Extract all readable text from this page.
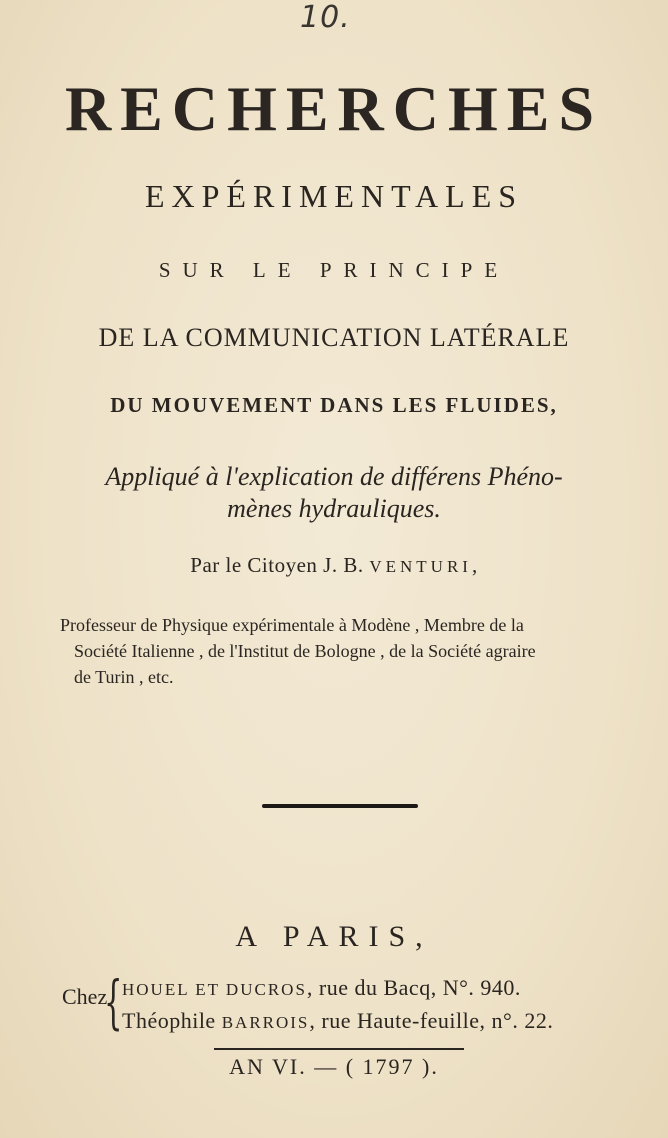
10.
RECHERCHES
EXPÉRIMENTALES
SUR LE PRINCIPE
DE LA COMMUNICATION LATÉRALE
DU MOUVEMENT DANS LES FLUIDES,
Appliqué à l'explication de différens Phéno-
mènes hydrauliques.
Par le Citoyen J. B. VENTURI,
Professeur de Physique expérimentale à Modène , Membre de la
Société Italienne , de l'Institut de Bologne , de la Société agraire
de Turin , etc.
A PARIS,
Chez
{ HOUEL ET DUCROS, rue du Bacq, N°. 940.
Théophile BARROIS, rue Haute-feuille, n°. 22.
AN VI. — ( 1797 ).
